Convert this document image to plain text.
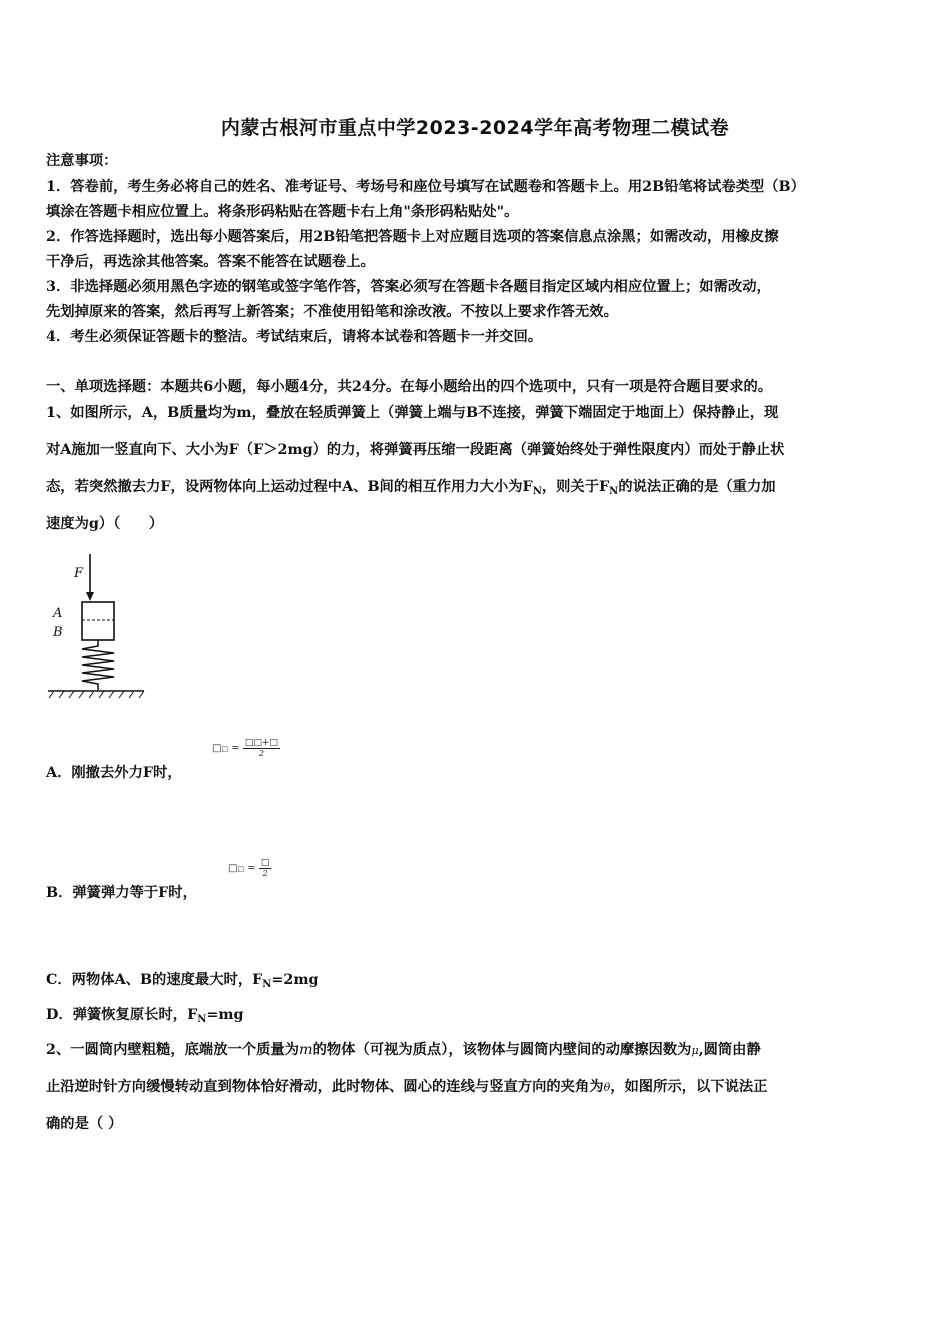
内蒙古根河市重点中学2023-2024学年高考物理二模试卷
注意事项：
1．答卷前，考生务必将自己的姓名、准考证号、考场号和座位号填写在试题卷和答题卡上。用2B铅笔将试卷类型（B）
填涂在答题卡相应位置上。将条形码粘贴在答题卡右上角"条形码粘贴处"。
2．作答选择题时，选出每小题答案后，用2B铅笔把答题卡上对应题目选项的答案信息点涂黑；如需改动，用橡皮擦
干净后，再选涂其他答案。答案不能答在试题卷上。
3．非选择题必须用黑色字迹的钢笔或签字笔作答，答案必须写在答题卡各题目指定区域内相应位置上；如需改动，
先划掉原来的答案，然后再写上新答案；不准使用铅笔和涂改液。不按以上要求作答无效。
4．考生必须保证答题卡的整洁。考试结束后，请将本试卷和答题卡一并交回。
一、单项选择题：本题共6小题，每小题4分，共24分。在每小题给出的四个选项中，只有一项是符合题目要求的。
1、如图所示，A，B质量均为m，叠放在轻质弹簧上（弹簧上端与B不连接，弹簧下端固定于地面上）保持静止，现
对A施加一竖直向下、大小为F（F＞2mg）的力，将弹簧再压缩一段距离（弹簧始终处于弹性限度内）而处于静止状
态，若突然撤去力F，设两物体向上运动过程中A、B间的相互作用力大小为$F_N$，则关于$F_N$的说法正确的是（重力加
速度为g）（　　）
F
A
B
A．刚撤去外力F时，
□□ = $\frac{□□+□}{2}$
B．弹簧弹力等于F时，
□□ = $\frac{□}{2}$
C．两物体A、B的速度最大时，$F_N=2mg$
D．弹簧恢复原长时，$F_N=mg$
2、一圆筒内壁粗糙，底端放一个质量为m的物体（可视为质点），该物体与圆筒内壁间的动摩擦因数为μ,圆筒由静
止沿逆时针方向缓慢转动直到物体恰好滑动，此时物体、圆心的连线与竖直方向的夹角为θ，如图所示，以下说法正
确的是（ ）
